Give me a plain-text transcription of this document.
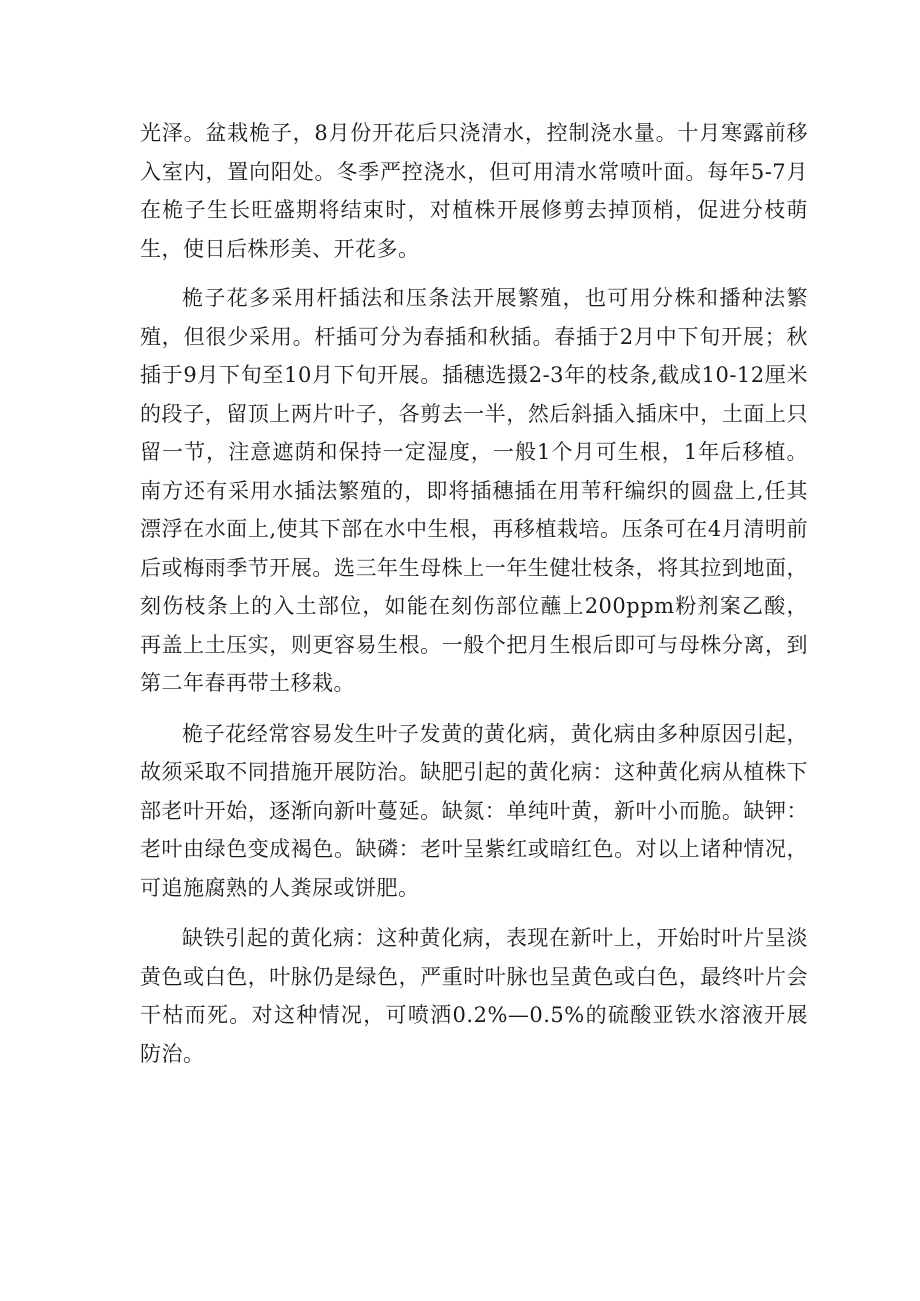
光泽。盆栽桅子，8月份开花后只浇清水，控制浇水量。十月寒露前移入室内，置向阳处。冬季严控浇水，但可用清水常喷叶面。每年5-7月在桅子生长旺盛期将结束时，对植株开展修剪去掉顶梢，促进分枝萌生，使日后株形美、开花多。

桅子花多采用杆插法和压条法开展繁殖，也可用分株和播种法繁殖，但很少采用。杆插可分为春插和秋插。春插于2月中下旬开展；秋插于9月下旬至10月下旬开展。插穗选摄2-3年的枝条,截成10-12厘米的段子，留顶上两片叶子，各剪去一半，然后斜插入插床中，土面上只留一节，注意遮荫和保持一定湿度，一般1个月可生根，1年后移植。南方还有采用水插法繁殖的，即将插穗插在用苇秆编织的圆盘上,任其漂浮在水面上,使其下部在水中生根，再移植栽培。压条可在4月清明前后或梅雨季节开展。选三年生母株上一年生健壮枝条，将其拉到地面，刻伤枝条上的入土部位，如能在刻伤部位蘸上200ppm粉剂案乙酸，再盖上土压实，则更容易生根。一般个把月生根后即可与母株分离，到第二年春再带土移栽。

桅子花经常容易发生叶子发黄的黄化病，黄化病由多种原因引起，故须采取不同措施开展防治。缺肥引起的黄化病：这种黄化病从植株下部老叶开始，逐渐向新叶蔓延。缺氮：单纯叶黄，新叶小而脆。缺钾：老叶由绿色变成褐色。缺磷：老叶呈紫红或暗红色。对以上诸种情况，可追施腐熟的人粪尿或饼肥。

缺铁引起的黄化病：这种黄化病，表现在新叶上，开始时叶片呈淡黄色或白色，叶脉仍是绿色，严重时叶脉也呈黄色或白色，最终叶片会干枯而死。对这种情况，可喷洒0.2%—0.5%的硫酸亚铁水溶液开展防治。
